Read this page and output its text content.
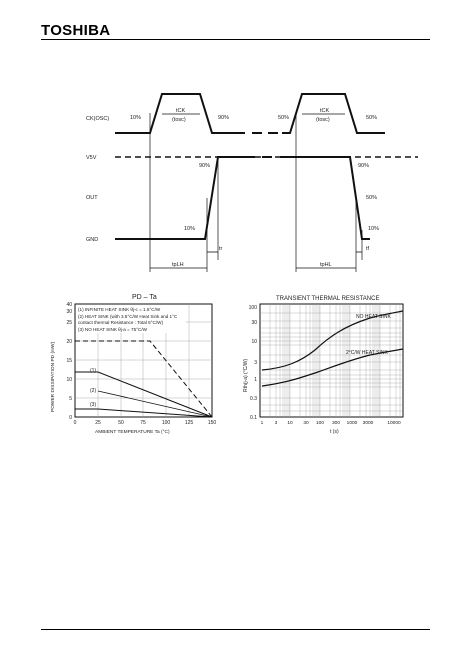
TOSHIBA
CK(OSC)
V5V
OUT
GND
10%	90%	50%	50%
tCK
(tosc)
tCK
(tosc)
90%
10%
90%
50%
10%
tr	tf
tpLH	tpHL
PD – Ta
(1) INFINITE HEAT SINK θj-c = 1.5°C/W
(2) HEAT SINK (with 3.5°C/W Heat Sink and 1°C
contact thermal Resistance : Total 5°C/W)
(3) NO HEAT SINK θj-a = 75°C/W
(1)
(2)
(3)
0
5
10
15
20
25
30
40
0	25	50	75	100	125	150
AMBIENT TEMPERATURE Ta (°C)
POWER DISSIPATION PD (mW)
TRANSIENT THERMAL RESISTANCE
NO HEAT SINK
2°C/W HEAT SINK
100
30
10
3
1
0.3
0.1
1 3 10 30 100 300 1000 3000	10000
t (s)
Rth(j-a) (°C/W)
